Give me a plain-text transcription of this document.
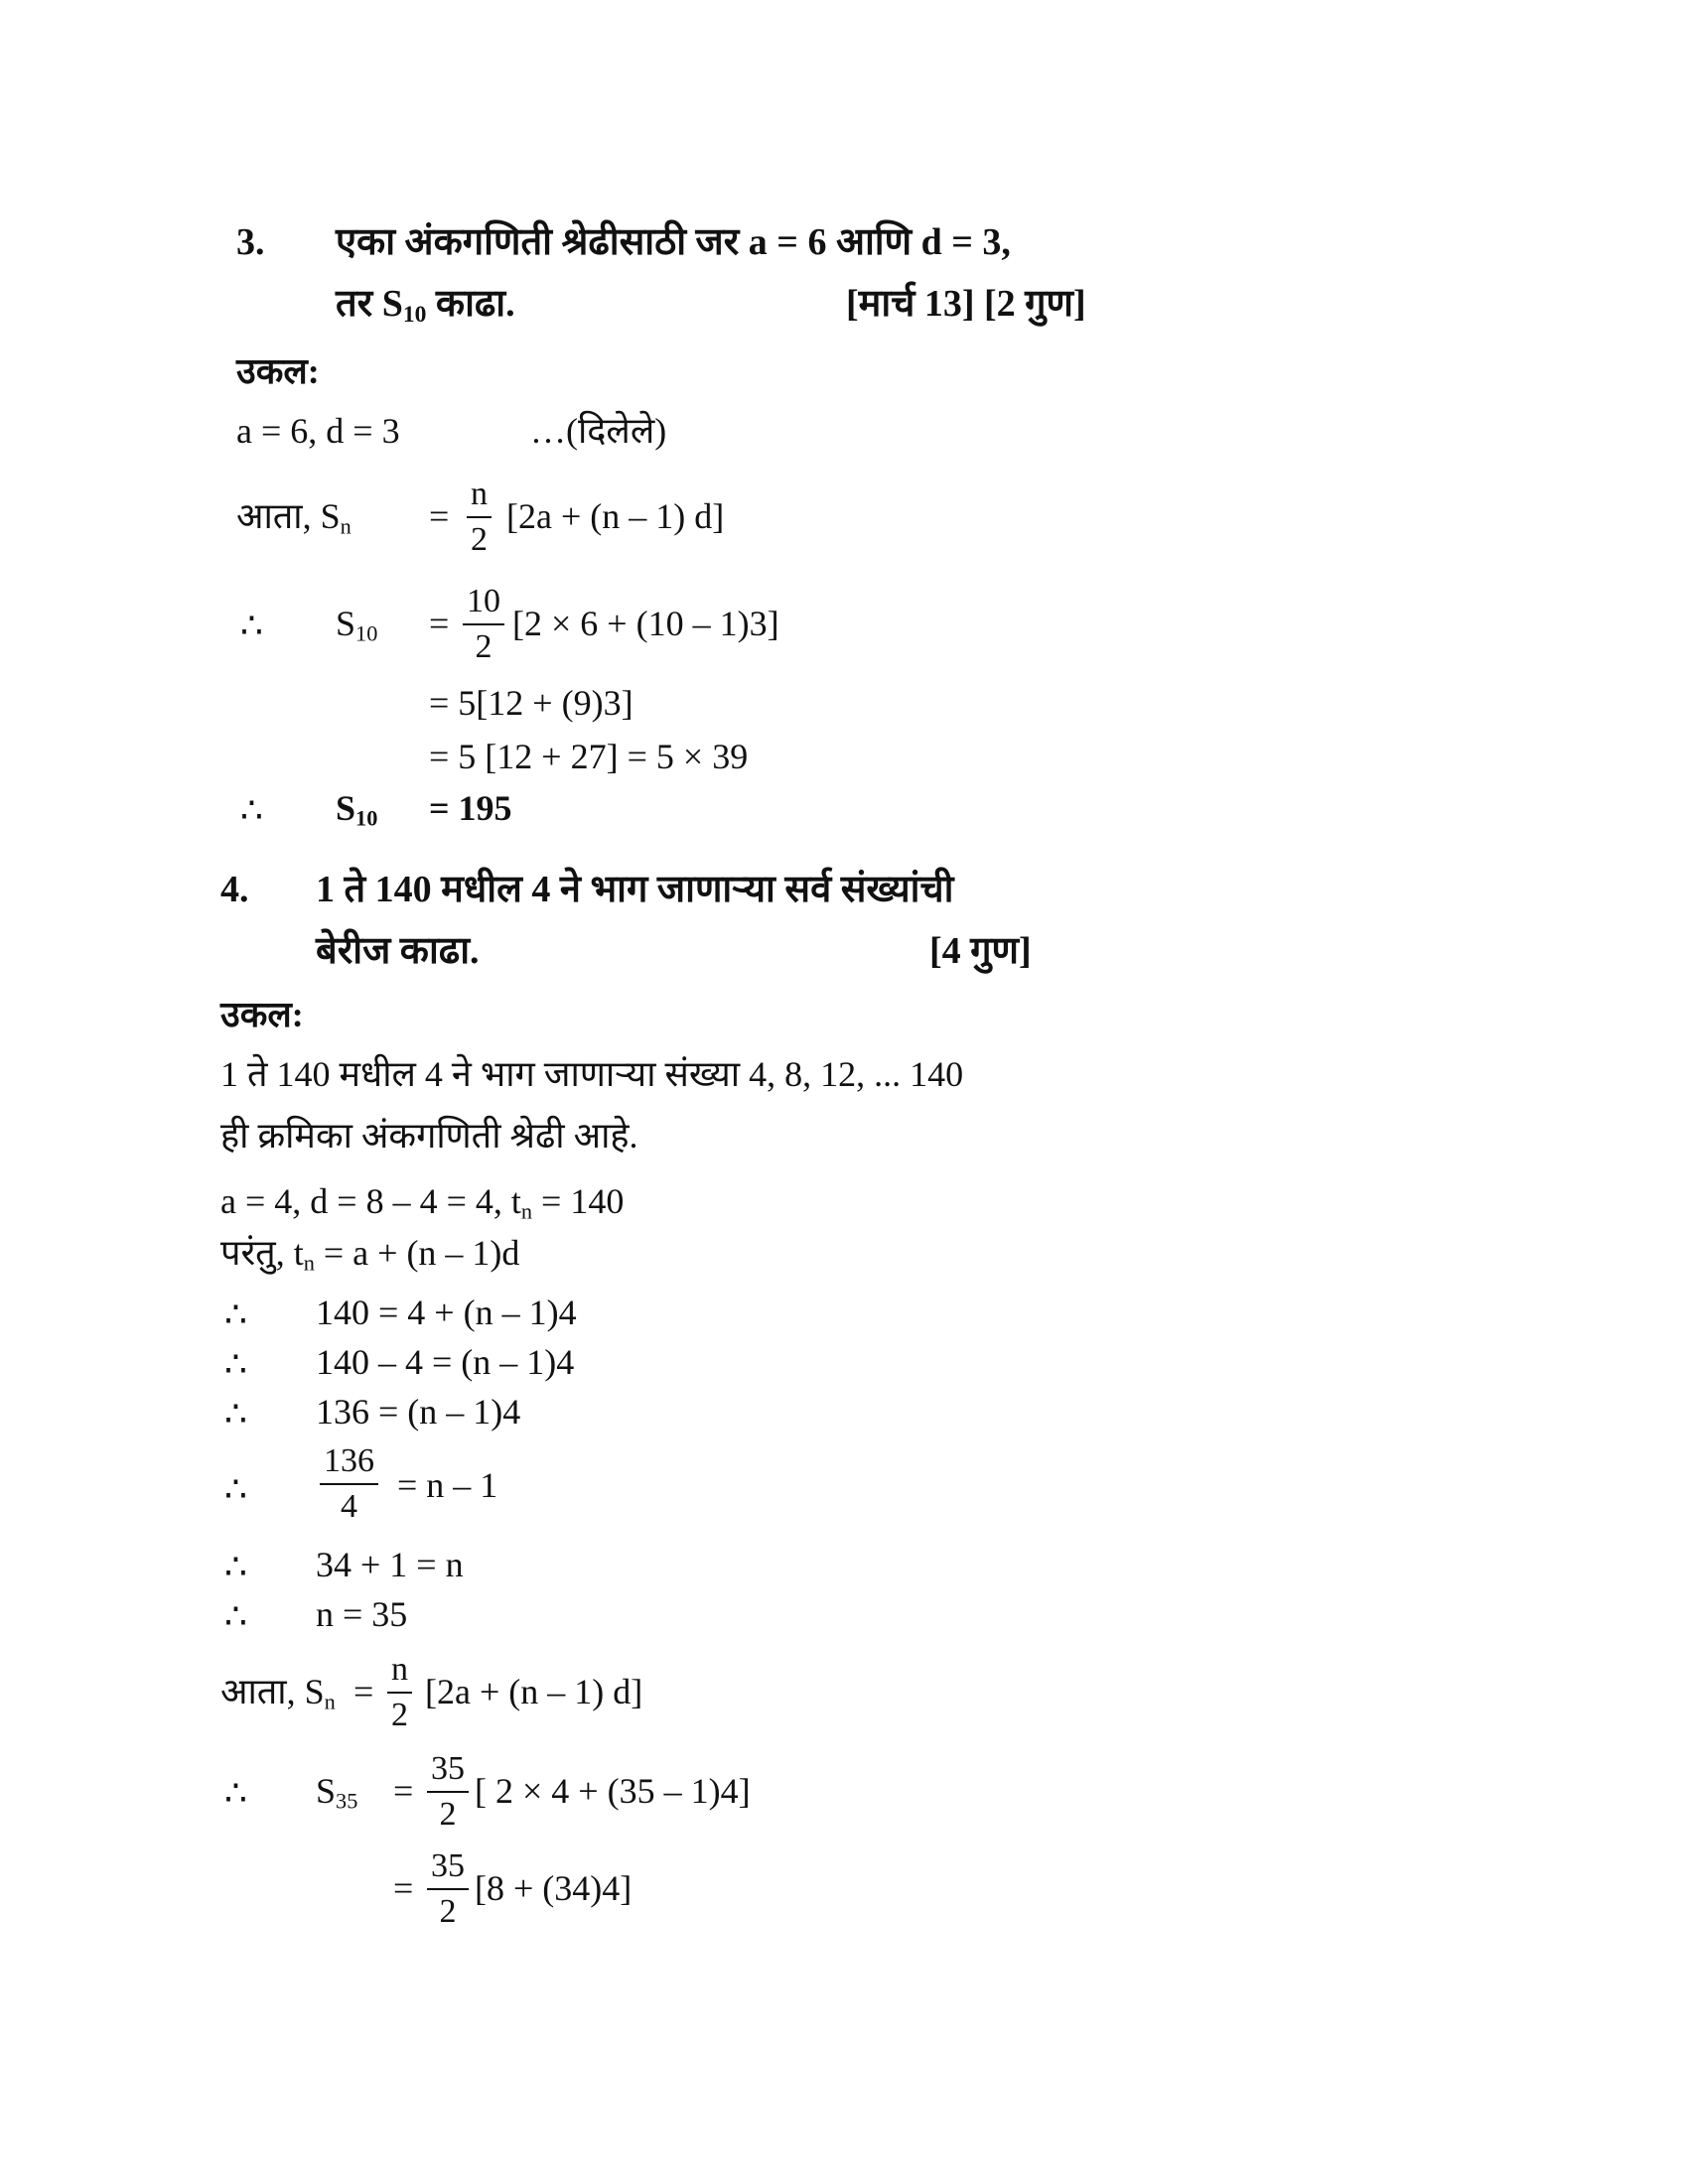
3. एका अंकगणिती श्रेढीसाठी जर a = 6 आणि d = 3,
तर $S_{10}$ काढा.	[मार्च 13] [2 गुण]
उकल:
a = 6, d = 3	…(दिलेले)
आता, $S_n = \frac{n}{2} [2a + (n - 1)$ d]
∴ $S_{10} = \frac{10}{2} [2 \times 6 + (10 - 1)3]$
= 5[12 + (9)3]
= 5 [12 + 27] = 5 × 39
∴ $S_{10} = 195$
4. 1 ते 140 मधील 4 ने भाग जाणाऱ्या सर्व संख्यांची
बेरीज काढा.	[4 गुण]
उकल:
1 ते 140 मधील 4 ने भाग जाणाऱ्या संख्या 4, 8, 12, ... 140
ही क्रमिका अंकगणिती श्रेढी आहे.
a = 4, d = 8 – 4 = 4, $t_n = 140$
परंतु, $t_n = a + (n - 1)d$
∴ 140 = 4 + (n – 1)4
∴ 140 – 4 = (n – 1)4
∴ 136 = (n – 1)4
∴ $\frac{136}{4} = n - 1$
∴ 34 + 1 = n
∴ n = 35
आता, $S_n = \frac{n}{2} [2a + (n - 1)$ d]
∴ $S_{35} = \frac{35}{2}$ [ 2 × 4 + (35 – 1)4]
= $\frac{35}{2} [8 + (34)4]$
